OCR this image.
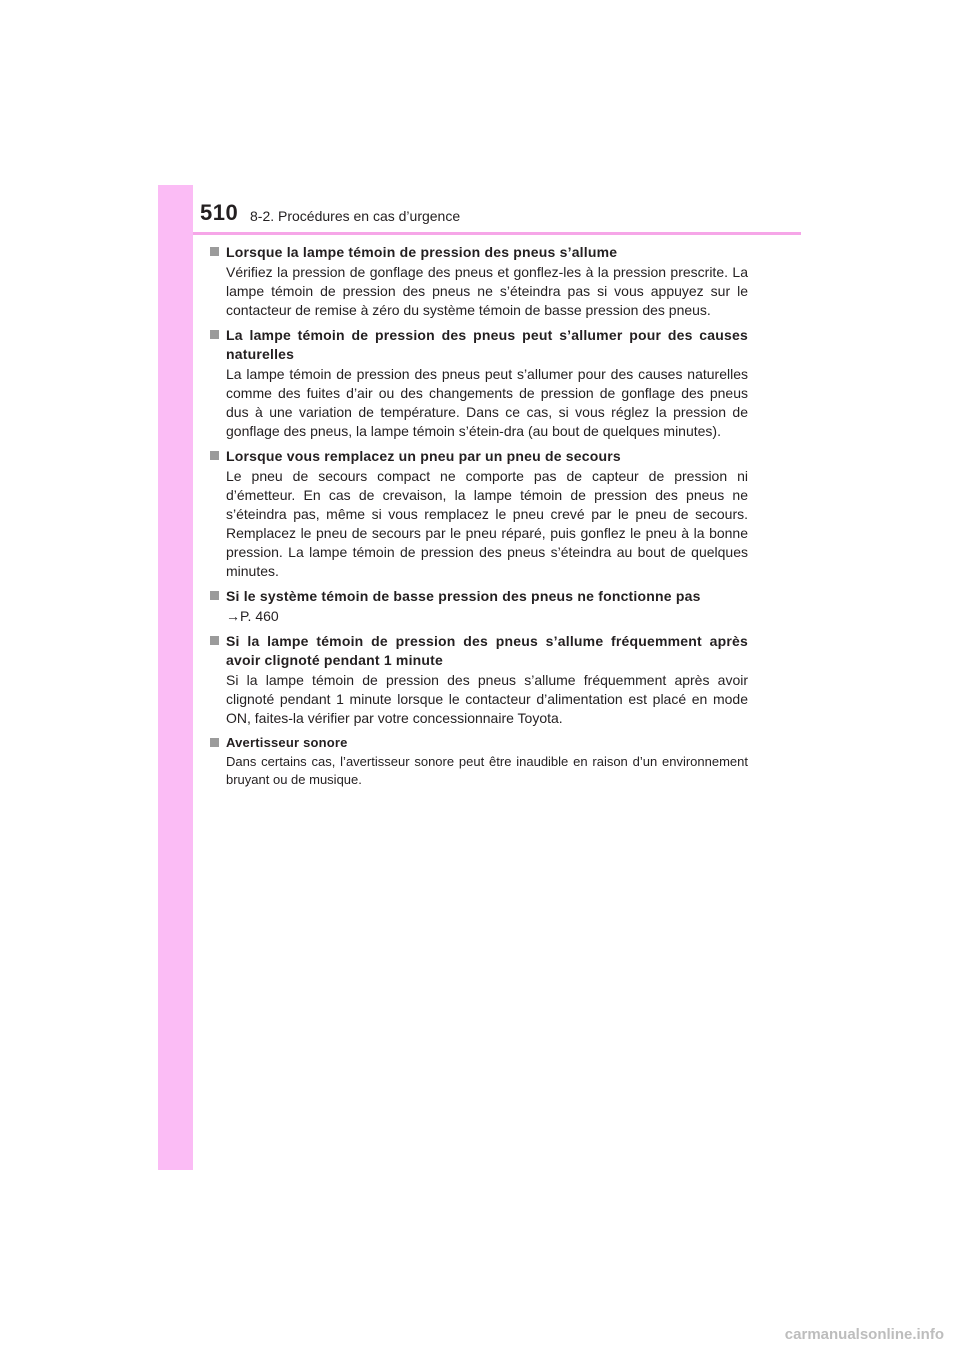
510 8-2. Procédures en cas d’urgence

Lorsque la lampe témoin de pression des pneus s’allume

Vérifiez la pression de gonflage des pneus et gonflez-les à la pression prescrite. La lampe témoin de pression des pneus ne s’éteindra pas si vous appuyez sur le contacteur de remise à zéro du système témoin de basse pression des pneus.

La lampe témoin de pression des pneus peut s’allumer pour des causes naturelles

La lampe témoin de pression des pneus peut s’allumer pour des causes naturelles comme des fuites d’air ou des changements de pression de gonflage des pneus dus à une variation de température. Dans ce cas, si vous réglez la pression de gonflage des pneus, la lampe témoin s’étein-dra (au bout de quelques minutes).

Lorsque vous remplacez un pneu par un pneu de secours

Le pneu de secours compact ne comporte pas de capteur de pression ni d’émetteur. En cas de crevaison, la lampe témoin de pression des pneus ne s’éteindra pas, même si vous remplacez le pneu crevé par le pneu de secours. Remplacez le pneu de secours par le pneu réparé, puis gonflez le pneu à la bonne pression. La lampe témoin de pression des pneus s’éteindra au bout de quelques minutes.

Si le système témoin de basse pression des pneus ne fonctionne pas

→P. 460

Si la lampe témoin de pression des pneus s’allume fréquemment après avoir clignoté pendant 1 minute

Si la lampe témoin de pression des pneus s’allume fréquemment après avoir clignoté pendant 1 minute lorsque le contacteur d’alimentation est placé en mode ON, faites-la vérifier par votre concessionnaire Toyota.

Avertisseur sonore

Dans certains cas, l’avertisseur sonore peut être inaudible en raison d’un environnement bruyant ou de musique.

carmanualsonline.info
